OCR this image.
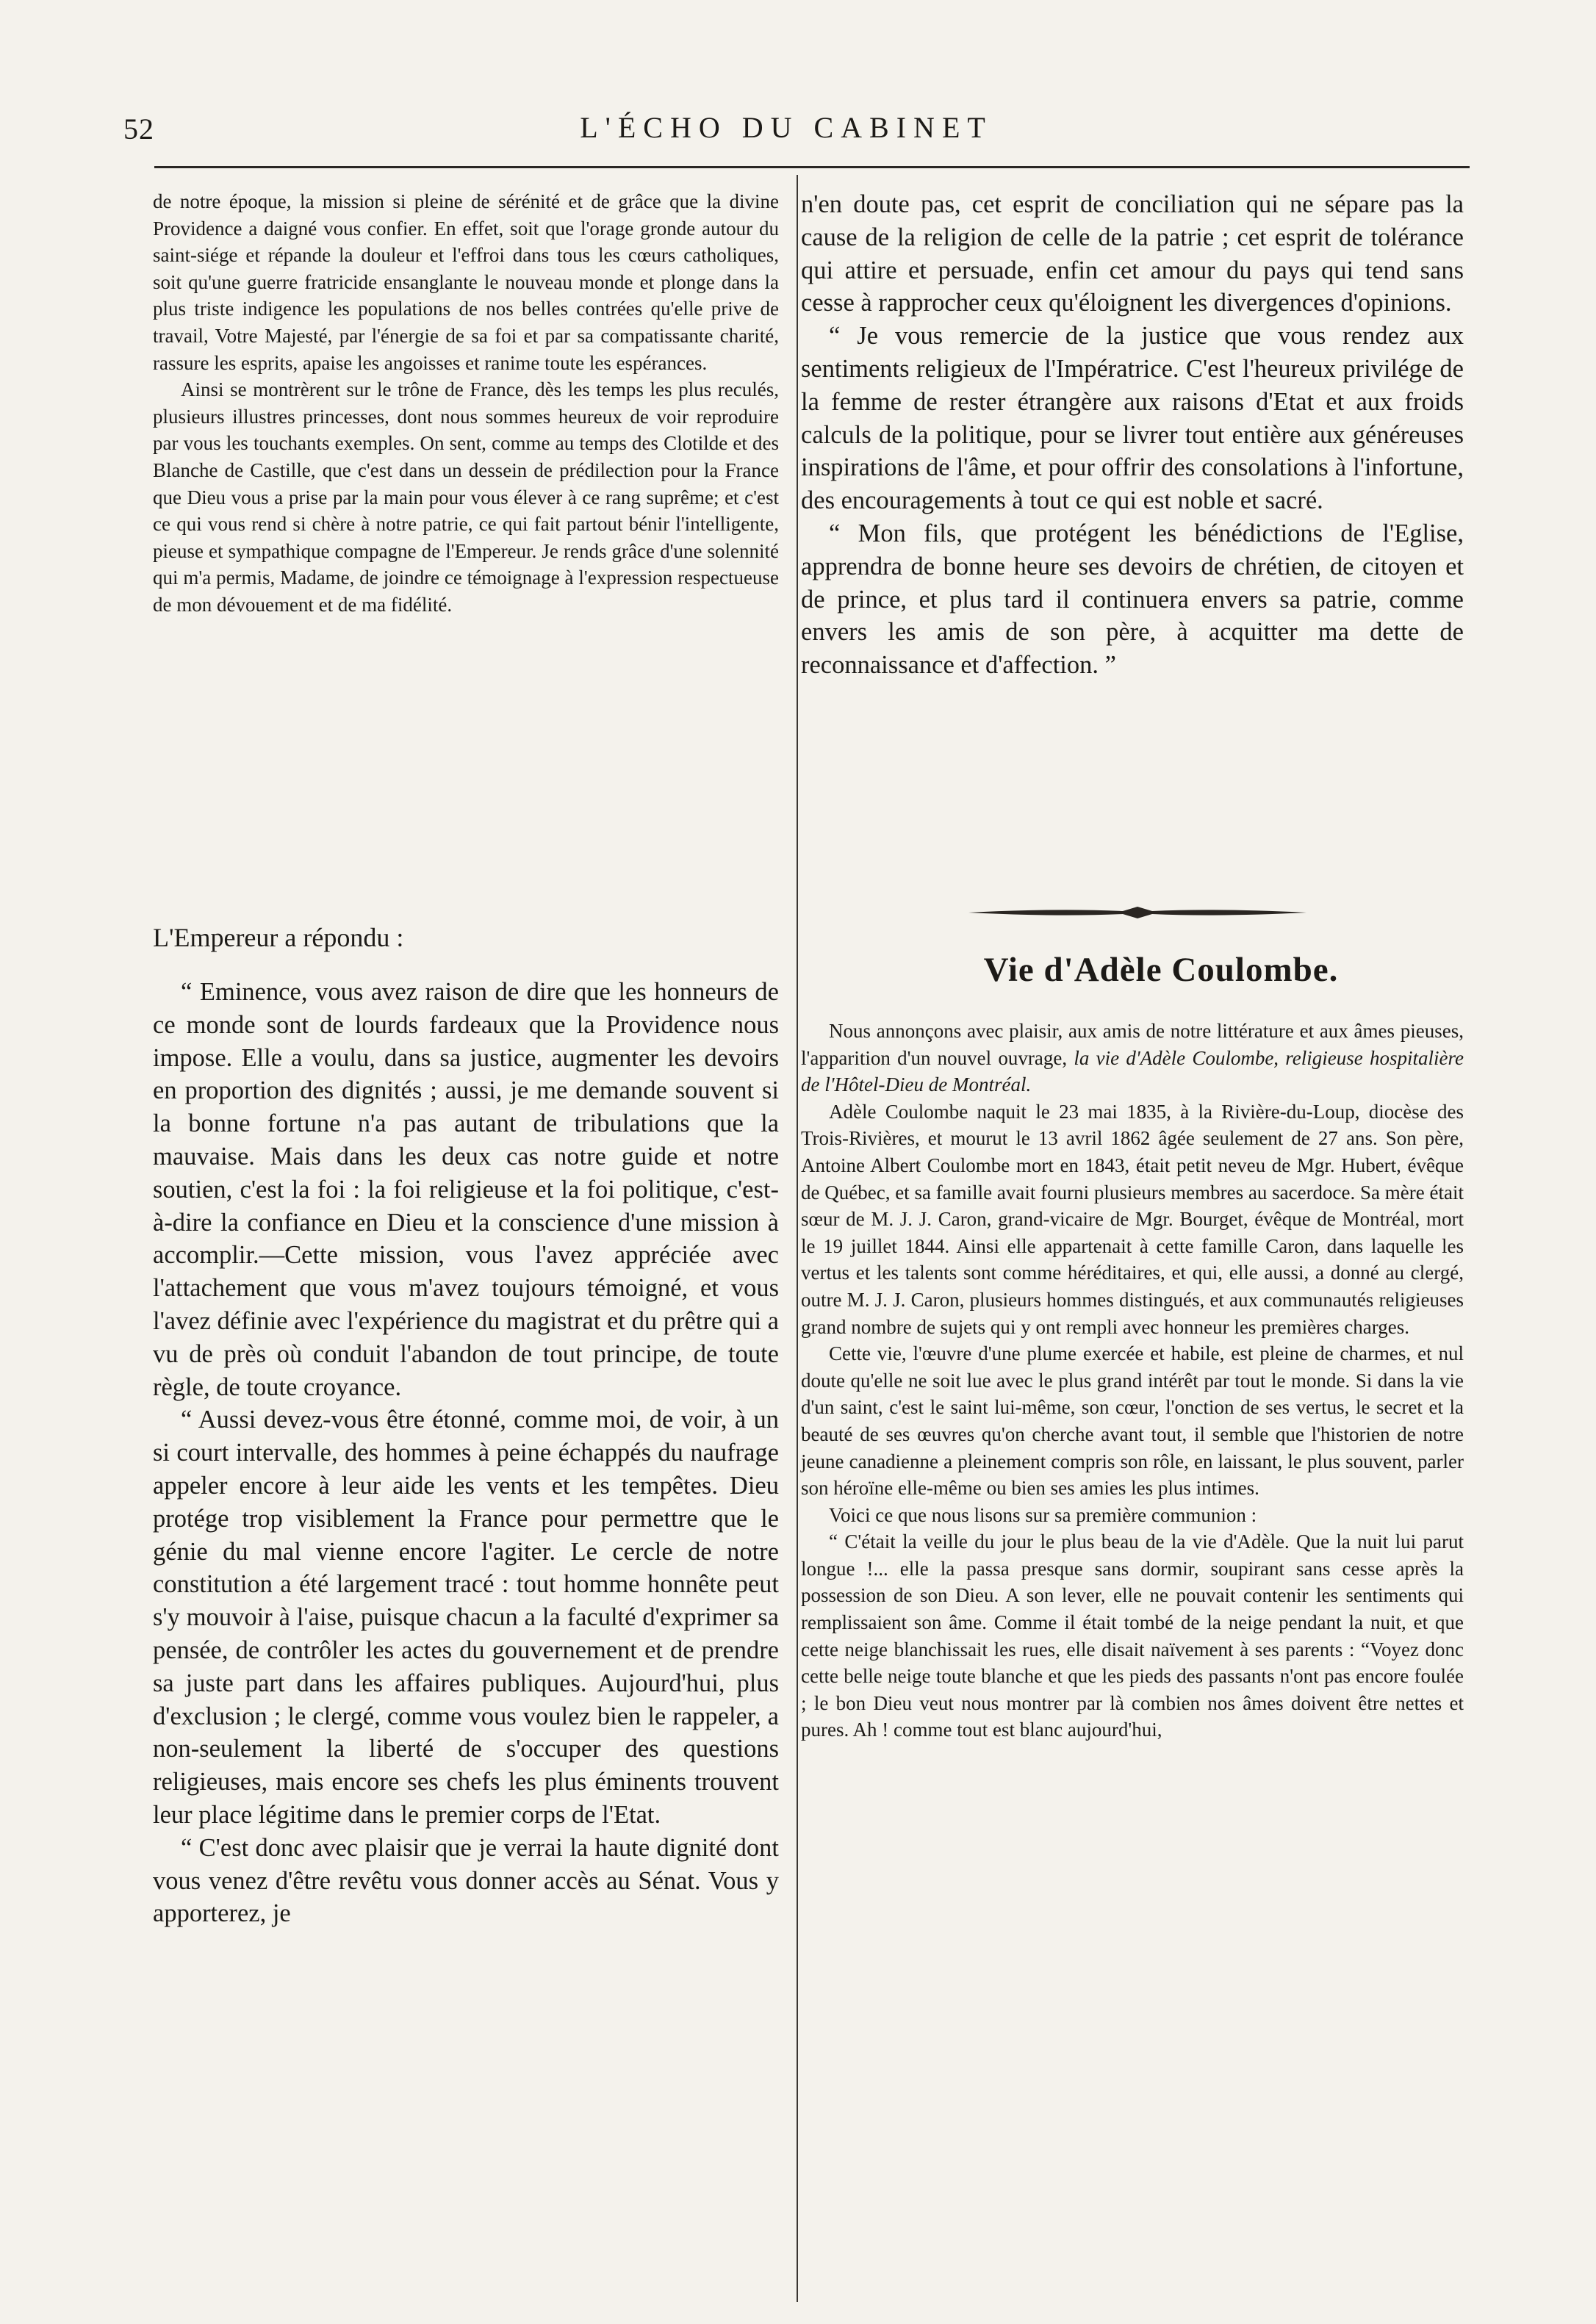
52	L'ÉCHO DU CABINET

de notre époque, la mission si pleine de sérénité et de grâce que la divine Providence a daigné vous confier. En effet, soit que l'orage gronde autour du saint-siége et répande la douleur et l'effroi dans tous les cœurs catholiques, soit qu'une guerre fratricide ensanglante le nouveau monde et plonge dans la plus triste indigence les populations de nos belles contrées qu'elle prive de travail, Votre Majesté, par l'énergie de sa foi et par sa compatissante charité, rassure les esprits, apaise les angoisses et ranime toute les espérances.

Ainsi se montrèrent sur le trône de France, dès les temps les plus reculés, plusieurs illustres princesses, dont nous sommes heureux de voir reproduire par vous les touchants exemples. On sent, comme au temps des Clotilde et des Blanche de Castille, que c'est dans un dessein de prédilection pour la France que Dieu vous a prise par la main pour vous élever à ce rang suprême; et c'est ce qui vous rend si chère à notre patrie, ce qui fait partout bénir l'intelligente, pieuse et sympathique compagne de l'Empereur. Je rends grâce d'une solennité qui m'a permis, Madame, de joindre ce témoignage à l'expression respectueuse de mon dévouement et de ma fidélité.

L'Empereur a répondu :

“ Eminence, vous avez raison de dire que les honneurs de ce monde sont de lourds fardeaux que la Providence nous impose. Elle a voulu, dans sa justice, augmenter les devoirs en proportion des dignités ; aussi, je me demande souvent si la bonne fortune n'a pas autant de tribulations que la mauvaise. Mais dans les deux cas notre guide et notre soutien, c'est la foi : la foi religieuse et la foi politique, c'est-à-dire la confiance en Dieu et la conscience d'une mission à accomplir.—Cette mission, vous l'avez appréciée avec l'attachement que vous m'avez toujours témoigné, et vous l'avez définie avec l'expérience du magistrat et du prêtre qui a vu de près où conduit l'abandon de tout principe, de toute règle, de toute croyance.

“ Aussi devez-vous être étonné, comme moi, de voir, à un si court intervalle, des hommes à peine échappés du naufrage appeler encore à leur aide les vents et les tempêtes. Dieu protége trop visiblement la France pour permettre que le génie du mal vienne encore l'agiter. Le cercle de notre constitution a été largement tracé : tout homme honnête peut s'y mouvoir à l'aise, puisque chacun a la faculté d'exprimer sa pensée, de contrôler les actes du gouvernement et de prendre sa juste part dans les affaires publiques. Aujourd'hui, plus d'exclusion ; le clergé, comme vous voulez bien le rappeler, a non-seulement la liberté de s'occuper des questions religieuses, mais encore ses chefs les plus éminents trouvent leur place légitime dans le premier corps de l'Etat.

“ C'est donc avec plaisir que je verrai la haute dignité dont vous venez d'être revêtu vous donner accès au Sénat. Vous y apporterez, je

n'en doute pas, cet esprit de conciliation qui ne sépare pas la cause de la religion de celle de la patrie ; cet esprit de tolérance qui attire et persuade, enfin cet amour du pays qui tend sans cesse à rapprocher ceux qu'éloignent les divergences d'opinions.

“ Je vous remercie de la justice que vous rendez aux sentiments religieux de l'Impératrice. C'est l'heureux privilége de la femme de rester étrangère aux raisons d'Etat et aux froids calculs de la politique, pour se livrer tout entière aux généreuses inspirations de l'âme, et pour offrir des consolations à l'infortune, des encouragements à tout ce qui est noble et sacré.

“ Mon fils, que protégent les bénédictions de l'Eglise, apprendra de bonne heure ses devoirs de chrétien, de citoyen et de prince, et plus tard il continuera envers sa patrie, comme envers les amis de son père, à acquitter ma dette de reconnaissance et d'affection. ”

Vie d'Adèle Coulombe.

Nous annonçons avec plaisir, aux amis de notre littérature et aux âmes pieuses, l'apparition d'un nouvel ouvrage, la vie d'Adèle Coulombe, religieuse hospitalière de l'Hôtel-Dieu de Montréal.

Adèle Coulombe naquit le 23 mai 1835, à la Rivière-du-Loup, diocèse des Trois-Rivières, et mourut le 13 avril 1862 âgée seulement de 27 ans. Son père, Antoine Albert Coulombe mort en 1843, était petit neveu de Mgr. Hubert, évêque de Québec, et sa famille avait fourni plusieurs membres au sacerdoce. Sa mère était sœur de M. J. J. Caron, grand-vicaire de Mgr. Bourget, évêque de Montréal, mort le 19 juillet 1844. Ainsi elle appartenait à cette famille Caron, dans laquelle les vertus et les talents sont comme héréditaires, et qui, elle aussi, a donné au clergé, outre M. J. J. Caron, plusieurs hommes distingués, et aux communautés religieuses grand nombre de sujets qui y ont rempli avec honneur les premières charges.

Cette vie, l'œuvre d'une plume exercée et habile, est pleine de charmes, et nul doute qu'elle ne soit lue avec le plus grand intérêt par tout le monde. Si dans la vie d'un saint, c'est le saint lui-même, son cœur, l'onction de ses vertus, le secret et la beauté de ses œuvres qu'on cherche avant tout, il semble que l'historien de notre jeune canadienne a pleinement compris son rôle, en laissant, le plus souvent, parler son héroïne elle-même ou bien ses amies les plus intimes.

Voici ce que nous lisons sur sa première communion :

“ C'était la veille du jour le plus beau de la vie d'Adèle. Que la nuit lui parut longue !... elle la passa presque sans dormir, soupirant sans cesse après la possession de son Dieu. A son lever, elle ne pouvait contenir les sentiments qui remplissaient son âme. Comme il était tombé de la neige pendant la nuit, et que cette neige blanchissait les rues, elle disait naïvement à ses parents : “Voyez donc cette belle neige toute blanche et que les pieds des passants n'ont pas encore foulée ; le bon Dieu veut nous montrer par là combien nos âmes doivent être nettes et pures. Ah ! comme tout est blanc aujourd'hui,
